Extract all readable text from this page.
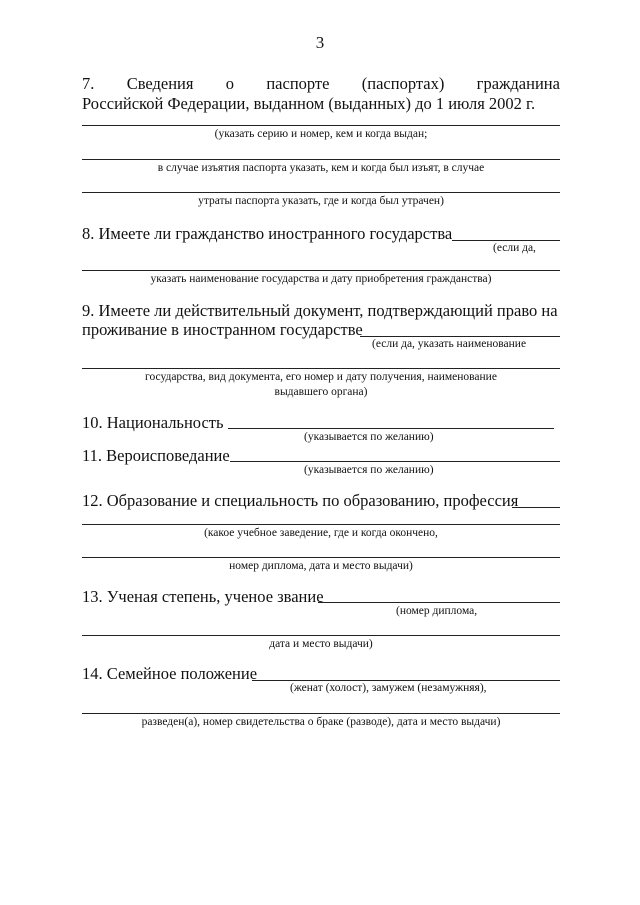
3
7. Сведения о паспорте (паспортах) гражданина
Российской Федерации, выданном (выданных) до 1 июля 2002 г.
(указать серию и номер, кем и когда выдан;
в случае изъятия паспорта указать, кем и когда был изъят, в случае
утраты паспорта указать, где и когда был утрачен)
8. Имеете ли гражданство иностранного государства
(если да,
указать наименование государства и дату приобретения гражданства)
9. Имеете ли действительный документ, подтверждающий право на
проживание в иностранном государстве
(если да, указать наименование
государства, вид документа, его номер и дату получения, наименование
выдавшего органа)
10. Национальность
(указывается по желанию)
11. Вероисповедание
(указывается по желанию)
12. Образование и специальность по образованию, профессия
(какое учебное заведение, где и когда окончено,
номер диплома, дата и место выдачи)
13. Ученая степень, ученое звание
(номер диплома,
дата и место выдачи)
14. Семейное положение
(женат (холост), замужем (незамужняя),
разведен(а), номер свидетельства о браке (разводе), дата и место выдачи)
